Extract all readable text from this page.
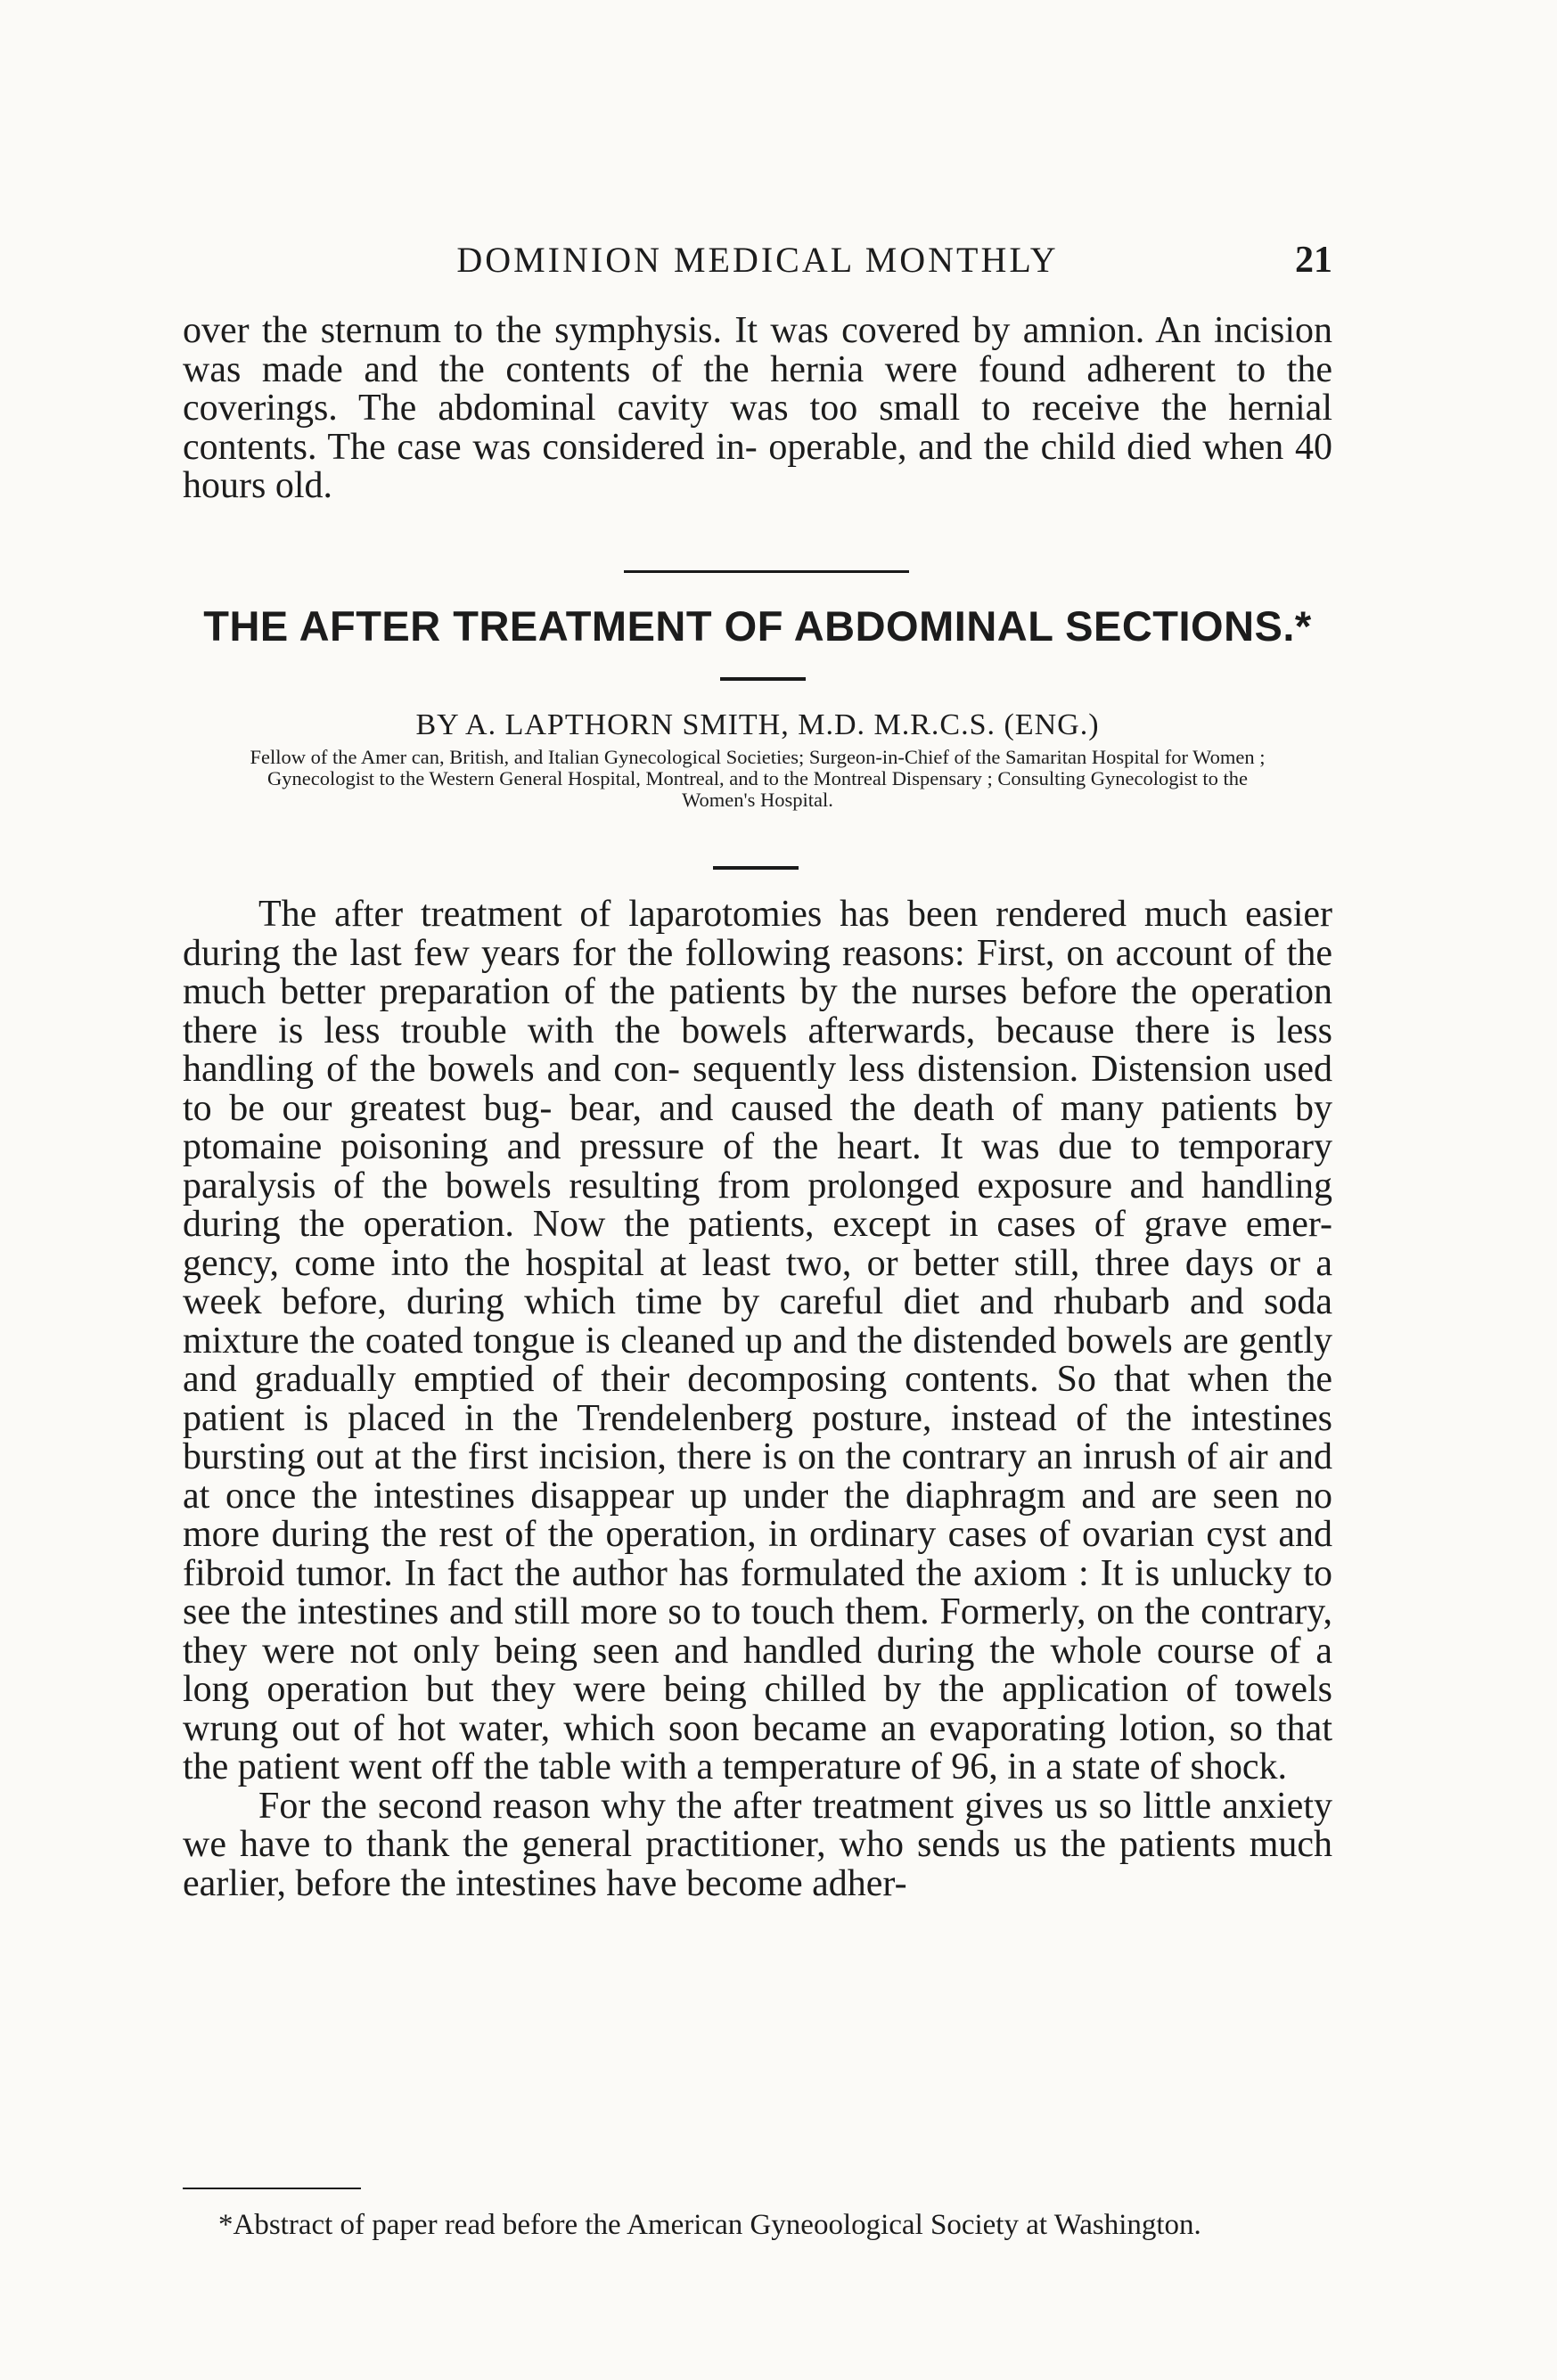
DOMINION MEDICAL MONTHLY	21

over the sternum to the symphysis. It was covered by amnion. An incision was made and the contents of the hernia were found adherent to the coverings. The abdominal cavity was too small to receive the hernial contents. The case was considered in- operable, and the child died when 40 hours old.

THE AFTER TREATMENT OF ABDOMINAL SECTIONS.*
BY A. LAPTHORN SMITH, M.D. M.R.C.S. (ENG.)
Fellow of the Amer can, British, and Italian Gynecological Societies; Surgeon-in-Chief of the Samaritan Hospital for Women ; Gynecologist to the Western General Hospital, Montreal, and to the Montreal Dispensary ; Consulting Gynecologist to the Women's Hospital.

The after treatment of laparotomies has been rendered much easier during the last few years for the following reasons: First, on account of the much better preparation of the patients by the nurses before the operation there is less trouble with the bowels afterwards, because there is less handling of the bowels and con- sequently less distension. Distension used to be our greatest bug- bear, and caused the death of many patients by ptomaine poisoning and pressure of the heart. It was due to temporary paralysis of the bowels resulting from prolonged exposure and handling during the operation. Now the patients, except in cases of grave emer- gency, come into the hospital at least two, or better still, three days or a week before, during which time by careful diet and rhubarb and soda mixture the coated tongue is cleaned up and the distended bowels are gently and gradually emptied of their decomposing contents. So that when the patient is placed in the Trendelenberg posture, instead of the intestines bursting out at the first incision, there is on the contrary an inrush of air and at once the intestines disappear up under the diaphragm and are seen no more during the rest of the operation, in ordinary cases of ovarian cyst and fibroid tumor. In fact the author has formulated the axiom : It is unlucky to see the intestines and still more so to touch them. Formerly, on the contrary, they were not only being seen and handled during the whole course of a long operation but they were being chilled by the application of towels wrung out of hot water, which soon became an evaporating lotion, so that the patient went off the table with a temperature of 96, in a state of shock.

For the second reason why the after treatment gives us so little anxiety we have to thank the general practitioner, who sends us the patients much earlier, before the intestines have become adher-

*Abstract of paper read before the American Gyneoological Society at Washington.
